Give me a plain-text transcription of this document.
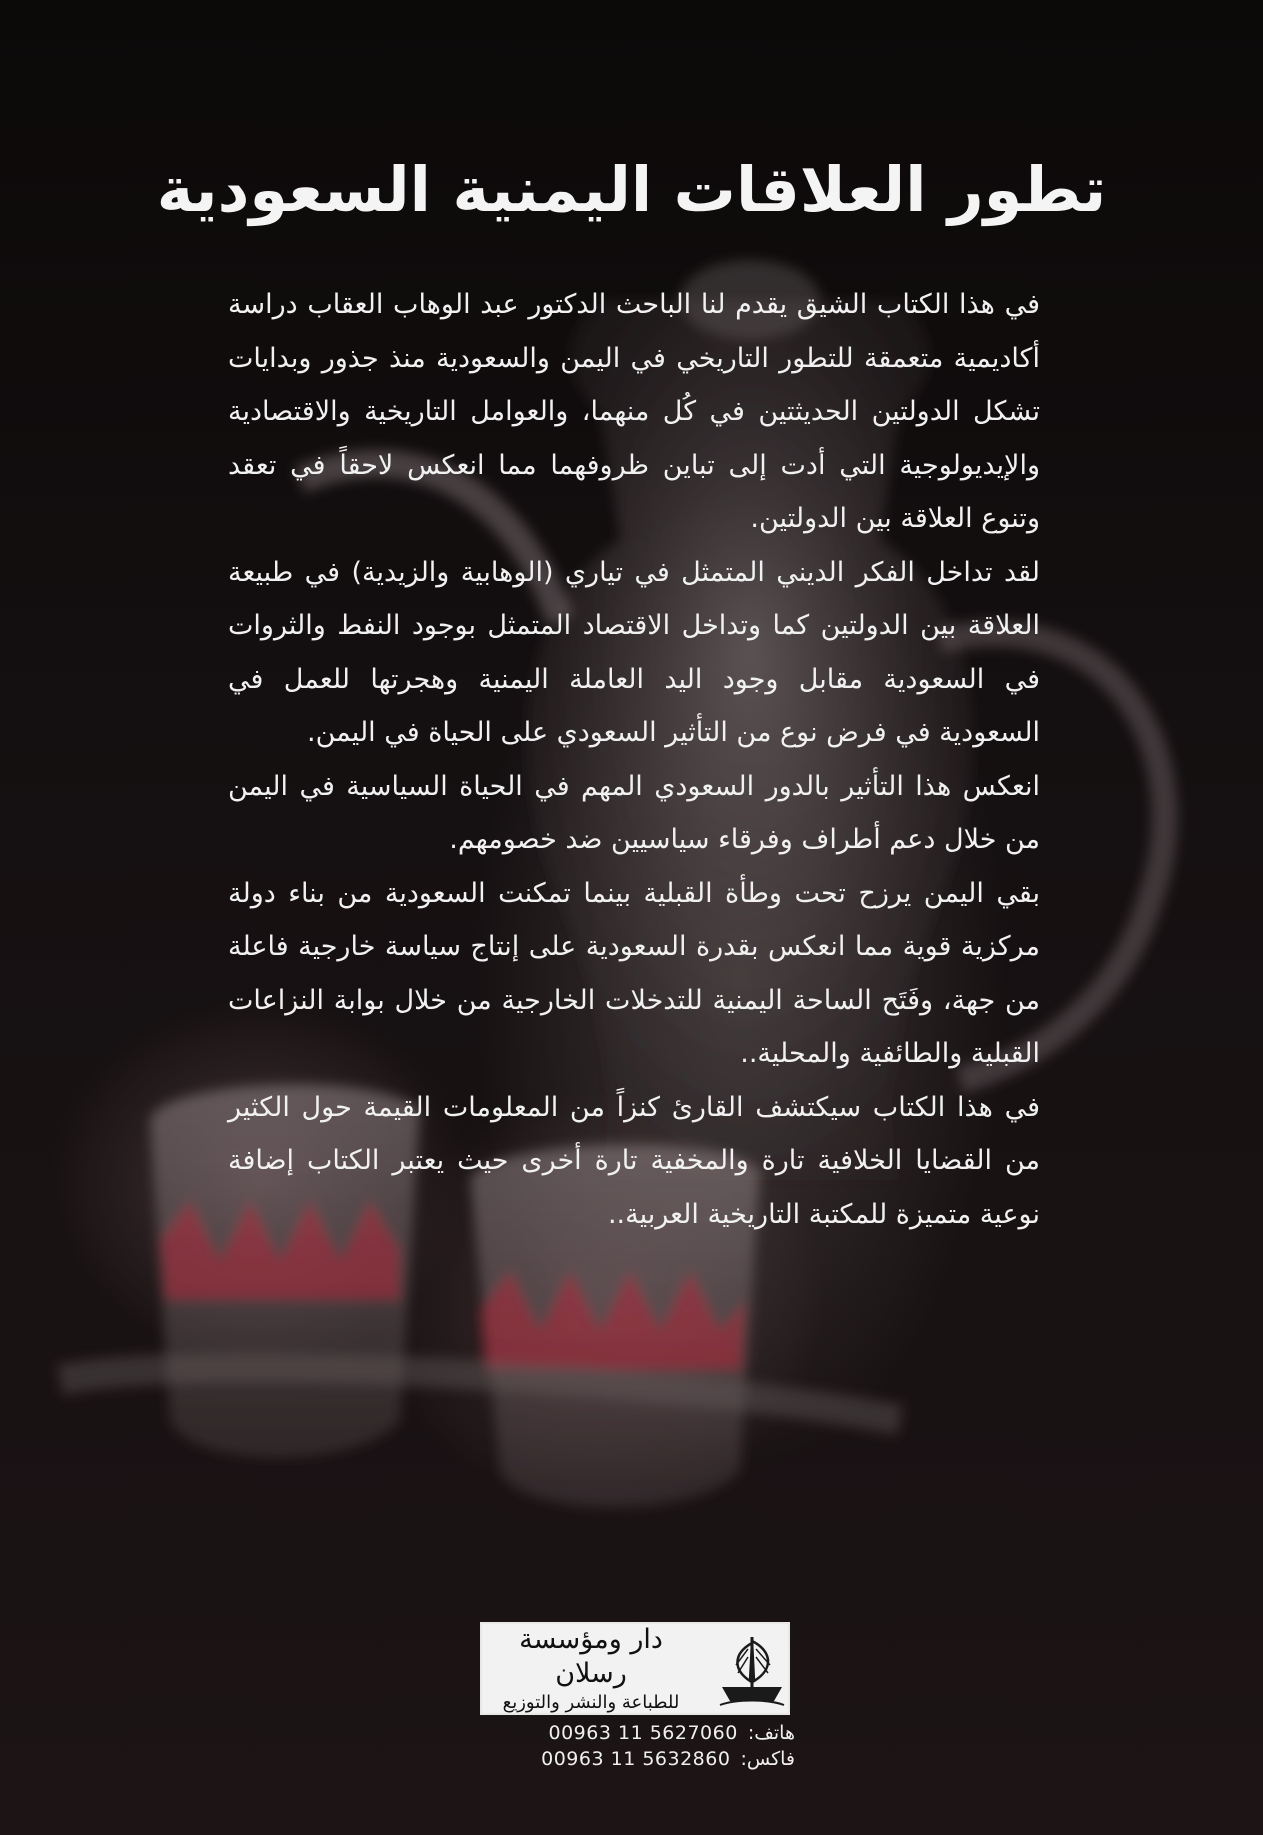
تطور العلاقات اليمنية السعودية

في هذا الكتاب الشيق يقدم لنا الباحث الدكتور عبد الوهاب العقاب دراسة أكاديمية متعمقة للتطور التاريخي في اليمن والسعودية منذ جذور وبدايات تشكل الدولتين الحديثتين في كُل منهما، والعوامل التاريخية والاقتصادية والإيديولوجية التي أدت إلى تباين ظروفهما مما انعكس لاحقاً في تعقد وتنوع العلاقة بين الدولتين.

لقد تداخل الفكر الديني المتمثل في تياري (الوهابية والزيدية) في طبيعة العلاقة بين الدولتين كما وتداخل الاقتصاد المتمثل بوجود النفط والثروات في السعودية مقابل وجود اليد العاملة اليمنية وهجرتها للعمل في السعودية في فرض نوع من التأثير السعودي على الحياة في اليمن.

انعكس هذا التأثير بالدور السعودي المهم في الحياة السياسية في اليمن من خلال دعم أطراف وفرقاء سياسيين ضد خصومهم.

بقي اليمن يرزح تحت وطأة القبلية بينما تمكنت السعودية من بناء دولة مركزية قوية مما انعكس بقدرة السعودية على إنتاج سياسة خارجية فاعلة من جهة، وفَتَح الساحة اليمنية للتدخلات الخارجية من خلال بوابة النزاعات القبلية والطائفية والمحلية..

في هذا الكتاب سيكتشف القارئ كنزاً من المعلومات القيمة حول الكثير من القضايا الخلافية تارة والمخفية تارة أخرى حيث يعتبر الكتاب إضافة نوعية متميزة للمكتبة التاريخية العربية..

دار ومؤسسة رسلان
للطباعة والنشر والتوزيع
هاتف:
00963 11 5627060
فاكس:
00963 11 5632860
